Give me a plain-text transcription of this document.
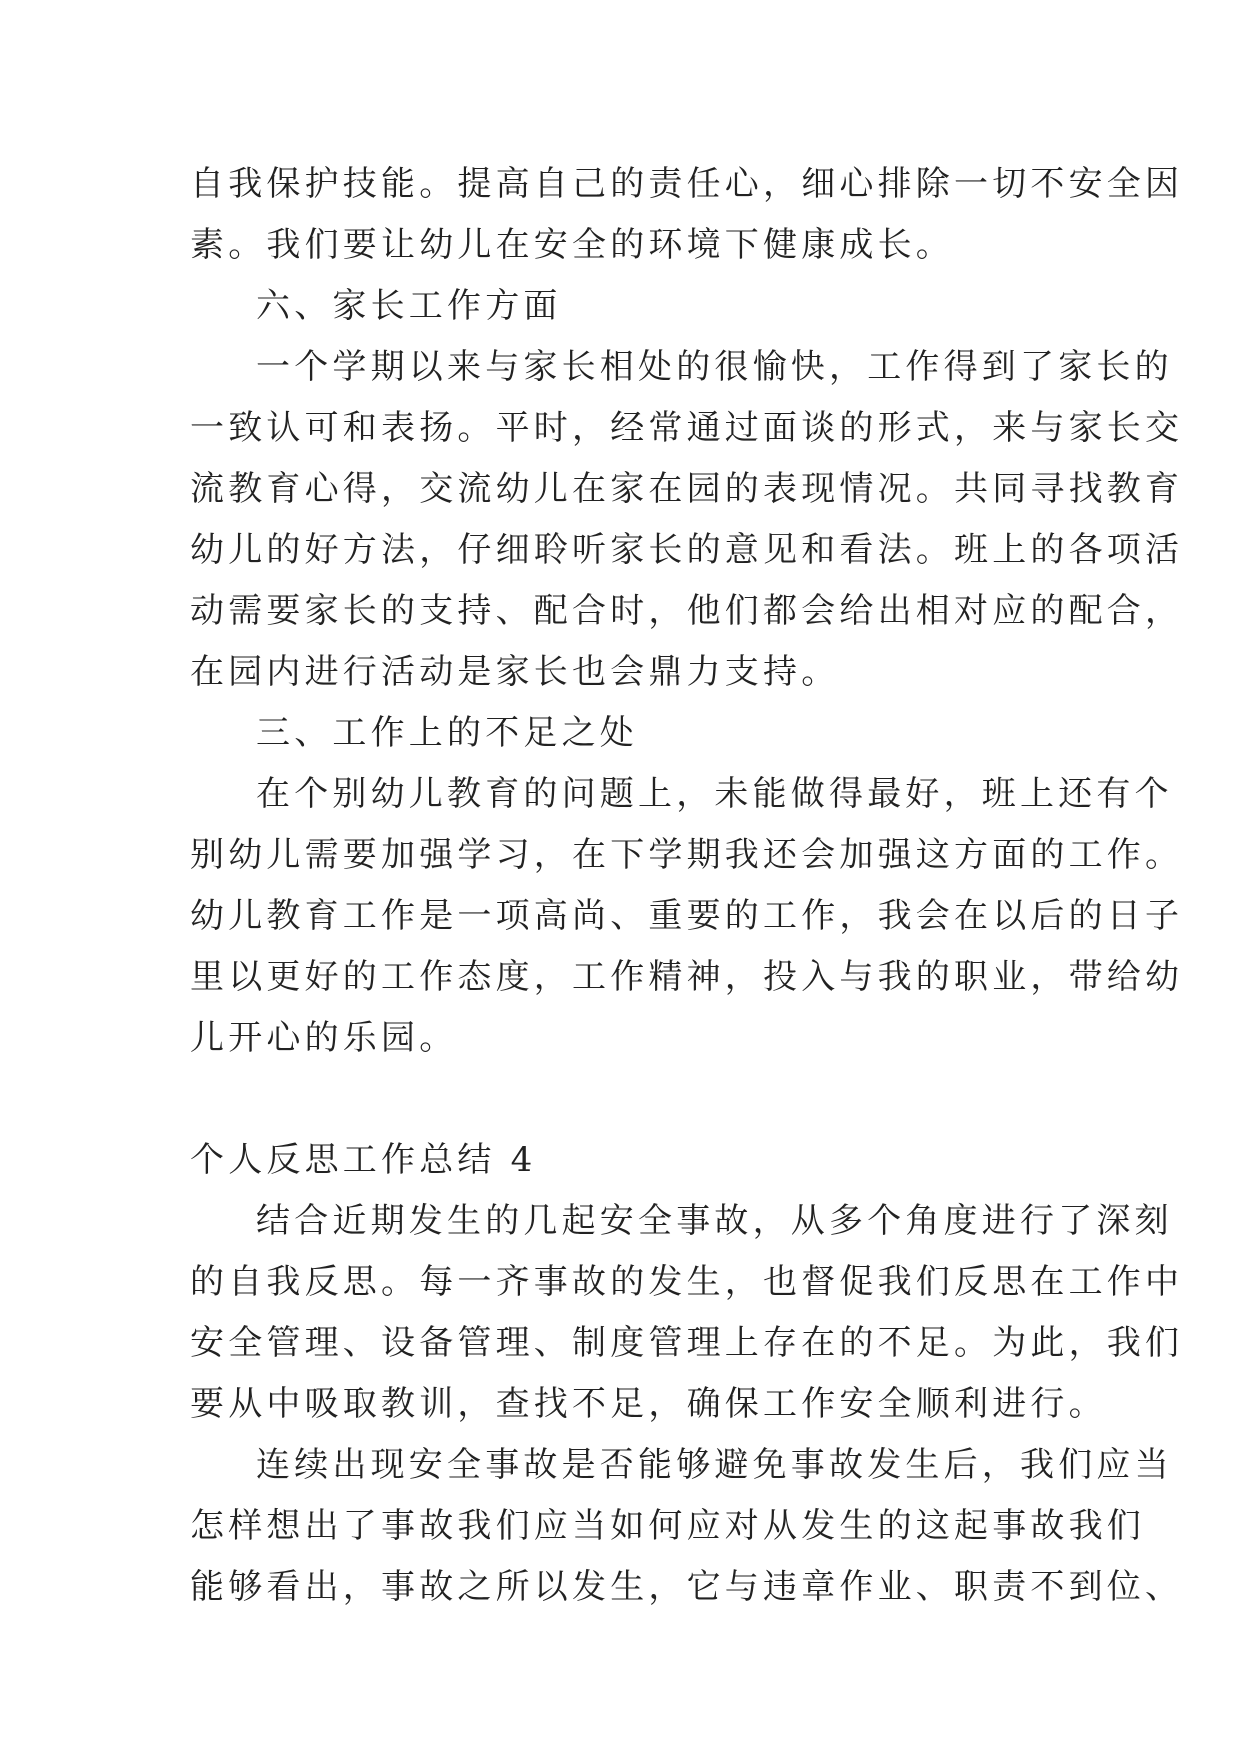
自我保护技能。提高自己的责任心，细心排除一切不安全因
素。我们要让幼儿在安全的环境下健康成长。
六、家长工作方面
一个学期以来与家长相处的很愉快，工作得到了家长的
一致认可和表扬。平时，经常通过面谈的形式，来与家长交
流教育心得，交流幼儿在家在园的表现情况。共同寻找教育
幼儿的好方法，仔细聆听家长的意见和看法。班上的各项活
动需要家长的支持、配合时，他们都会给出相对应的配合，
在园内进行活动是家长也会鼎力支持。
三、工作上的不足之处
在个别幼儿教育的问题上，未能做得最好，班上还有个
别幼儿需要加强学习，在下学期我还会加强这方面的工作。
幼儿教育工作是一项高尚、重要的工作，我会在以后的日子
里以更好的工作态度，工作精神，投入与我的职业，带给幼
儿开心的乐园。
个人反思工作总结 4
结合近期发生的几起安全事故，从多个角度进行了深刻
的自我反思。每一齐事故的发生，也督促我们反思在工作中
安全管理、设备管理、制度管理上存在的不足。为此，我们
要从中吸取教训，查找不足，确保工作安全顺利进行。
连续出现安全事故是否能够避免事故发生后，我们应当
怎样想出了事故我们应当如何应对从发生的这起事故我们
能够看出，事故之所以发生，它与违章作业、职责不到位、
